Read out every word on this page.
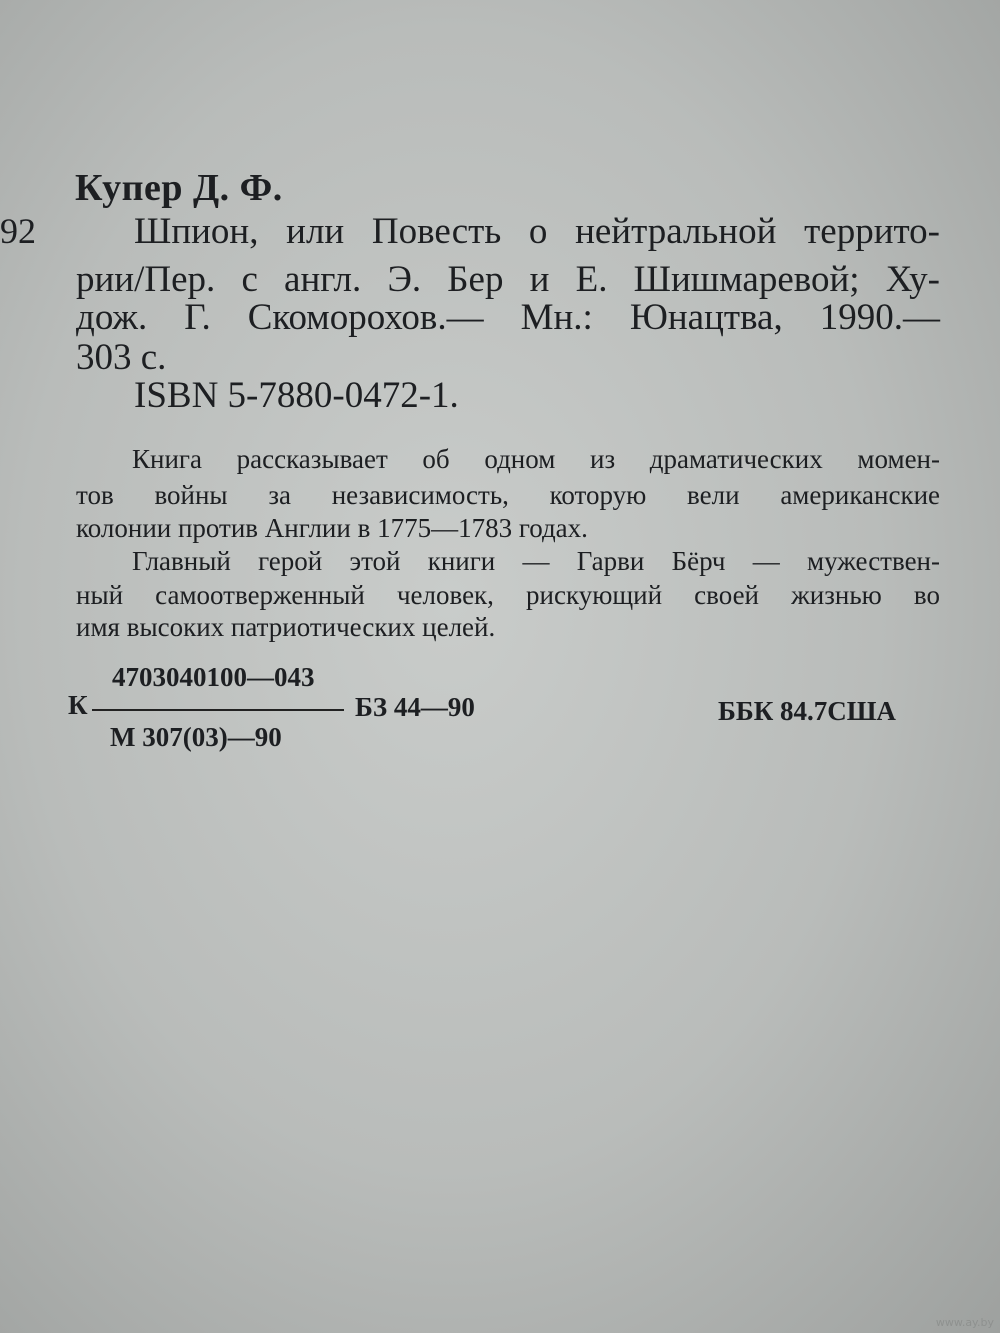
Купер Д. Ф.
92	Шпион, или Повесть о нейтральной террито-
рии/Пер. с англ. Э. Бер и Е. Шишмаревой; Ху-
дож. Г. Скоморохов.— Мн.: Юнацтва, 1990.—
303 с.
ISBN 5-7880-0472-1.
Книга рассказывает об одном из драматических момен-
тов войны за независимость, которую вели американские
колонии против Англии в 1775—1783 годах.
Главный герой этой книги — Гарви Бёрч — мужествен-
ный самоотверженный человек, рискующий своей жизнью во
имя высоких патриотических целей.
4703040100—043
К	БЗ 44—90
М 307(03)—90
ББК 84.7США
www.ay.by
